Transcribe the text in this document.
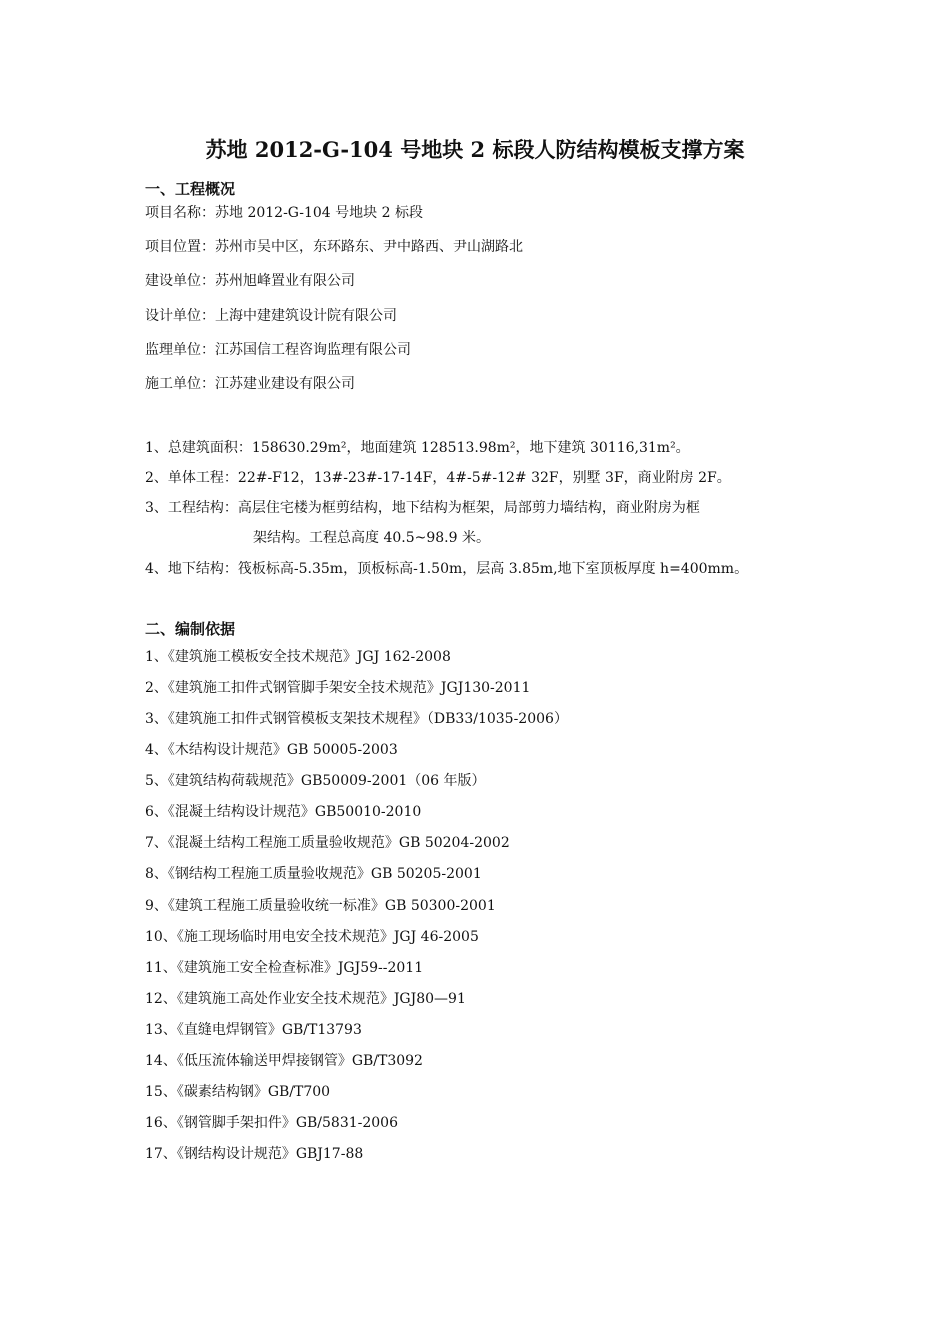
苏地 2012-G-104 号地块 2 标段人防结构模板支撑方案
一、工程概况
项目名称：苏地 2012-G-104 号地块 2 标段
项目位置：苏州市吴中区，东环路东、尹中路西、尹山湖路北
建设单位：苏州旭峰置业有限公司
设计单位：上海中建建筑设计院有限公司
监理单位：江苏国信工程咨询监理有限公司
施工单位：江苏建业建设有限公司
1、总建筑面积：158630.29m²，地面建筑 128513.98m²，地下建筑 30116,31m²。
2、单体工程：22#-F12，13#-23#-17-14F，4#-5#-12# 32F，别墅 3F，商业附房 2F。
3、工程结构：高层住宅楼为框剪结构，地下结构为框架，局部剪力墙结构，商业附房为框
架结构。工程总高度 40.5~98.9 米。
4、地下结构：筏板标高-5.35m，顶板标高-1.50m，层高 3.85m,地下室顶板厚度 h=400mm。
二、编制依据
1、《建筑施工模板安全技术规范》JGJ 162-2008
2、《建筑施工扣件式钢管脚手架安全技术规范》JGJ130-2011
3、《建筑施工扣件式钢管模板支架技术规程》（DB33/1035-2006）
4、《木结构设计规范》GB 50005-2003
5、《建筑结构荷载规范》GB50009-2001（06 年版）
6、《混凝土结构设计规范》GB50010-2010
7、《混凝土结构工程施工质量验收规范》GB 50204-2002
8、《钢结构工程施工质量验收规范》GB 50205-2001
9、《建筑工程施工质量验收统一标准》GB 50300-2001
10、《施工现场临时用电安全技术规范》JGJ 46-2005
11、《建筑施工安全检查标准》JGJ59--2011
12、《建筑施工高处作业安全技术规范》JGJ80—91
13、《直缝电焊钢管》GB/T13793
14、《低压流体输送甲焊接钢管》GB/T3092
15、《碳素结构钢》GB/T700
16、《钢管脚手架扣件》GB/5831-2006
17、《钢结构设计规范》GBJ17-88
